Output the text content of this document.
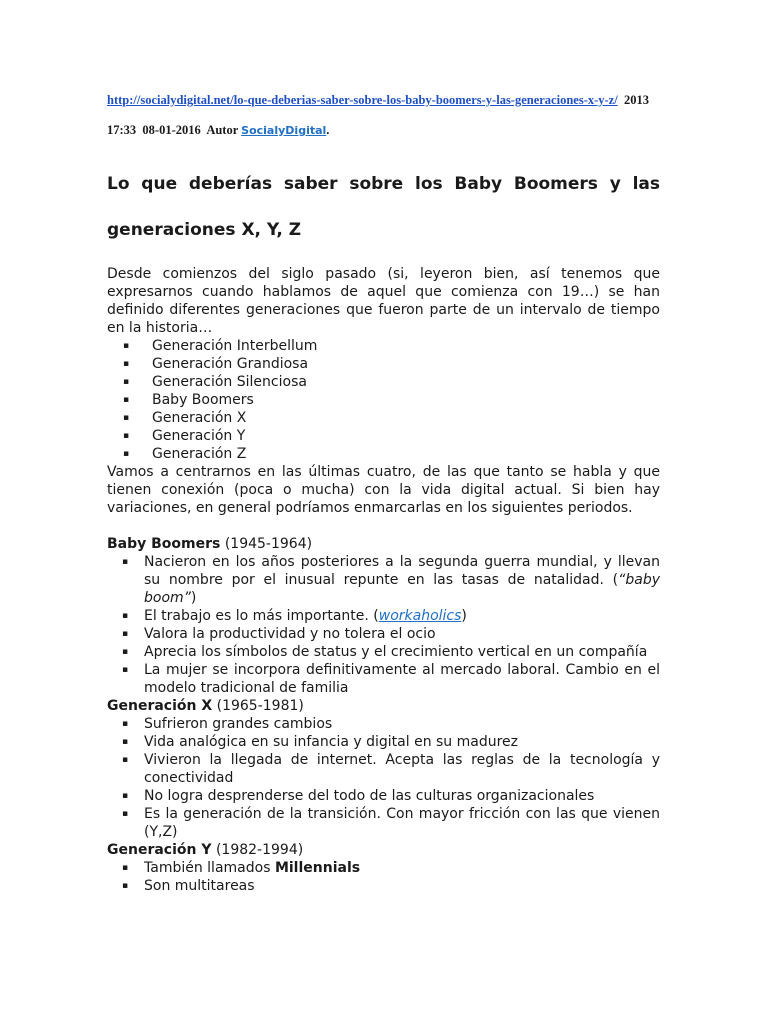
http://socialydigital.net/lo-que-deberias-saber-sobre-los-baby-boomers-y-las-generaciones-x-y-z/ 2013
17:33 08-01-2016 Autor SocialyDigital.
Lo que deberías saber sobre los Baby Boomers y las generaciones X, Y, Z

Desde comienzos del siglo pasado (si, leyeron bien, así tenemos que expresarnos cuando hablamos de aquel que comienza con 19…) se han definido diferentes generaciones que fueron parte de un intervalo de tiempo en la historia…

▪ Generación Interbellum
▪ Generación Grandiosa
▪ Generación Silenciosa
▪ Baby Boomers
▪ Generación X
▪ Generación Y
▪ Generación Z

Vamos a centrarnos en las últimas cuatro, de las que tanto se habla y que tienen conexión (poca o mucha) con la vida digital actual. Si bien hay variaciones, en general podríamos enmarcarlas en los siguientes periodos.

Baby Boomers (1945-1964)
▪ Nacieron en los años posteriores a la segunda guerra mundial, y llevan su nombre por el inusual repunte en las tasas de natalidad. (“baby boom”)
▪ El trabajo es lo más importante. (workaholics)
▪ Valora la productividad y no tolera el ocio
▪ Aprecia los símbolos de status y el crecimiento vertical en un compañía
▪ La mujer se incorpora definitivamente al mercado laboral. Cambio en el modelo tradicional de familia
Generación X (1965-1981)
▪ Sufrieron grandes cambios
▪ Vida analógica en su infancia y digital en su madurez
▪ Vivieron la llegada de internet. Acepta las reglas de la tecnología y conectividad
▪ No logra desprenderse del todo de las culturas organizacionales
▪ Es la generación de la transición. Con mayor fricción con las que vienen (Y,Z)
Generación Y (1982-1994)
▪ También llamados Millennials
▪ Son multitareas
